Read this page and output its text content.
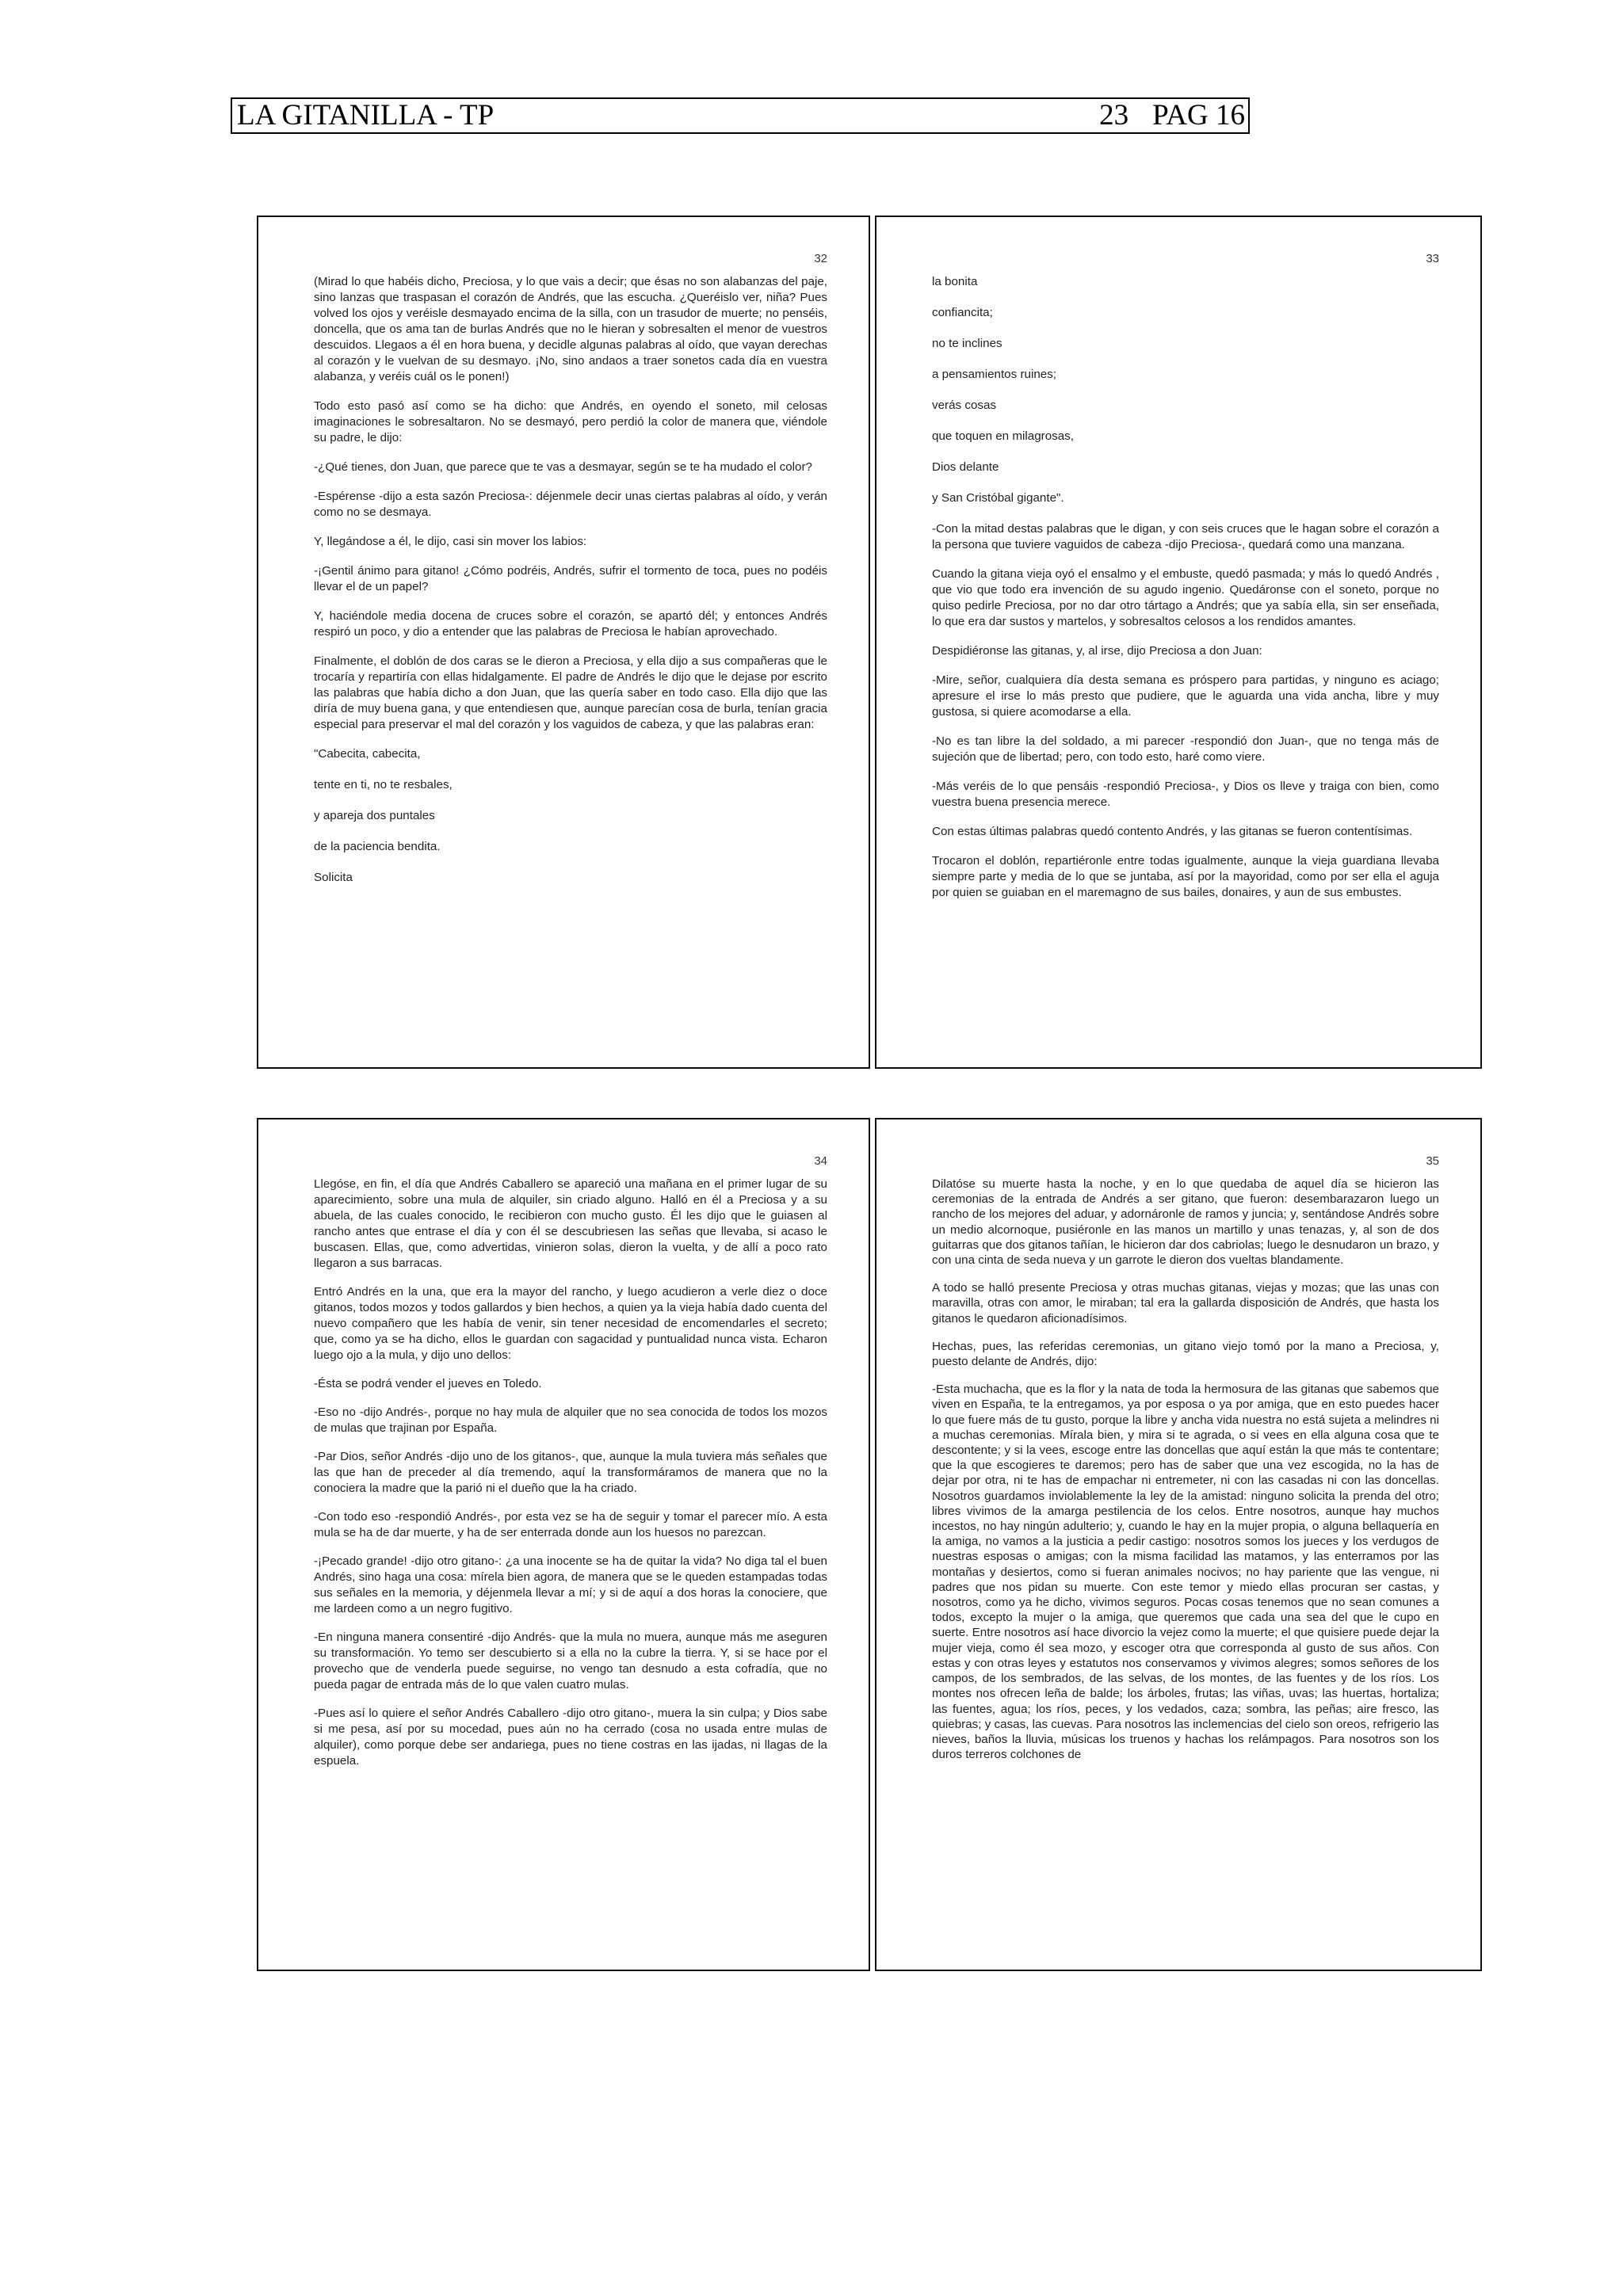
LA GITANILLA - TP	23 PAG 16
32

(Mirad lo que habéis dicho, Preciosa, y lo que vais a decir; que ésas no son alabanzas del paje, sino lanzas que traspasan el corazón de Andrés, que las escucha. ¿Queréislo ver, niña? Pues volved los ojos y veréisle desmayado encima de la silla, con un trasudor de muerte; no penséis, doncella, que os ama tan de burlas Andrés que no le hieran y sobresalten el menor de vuestros descuidos. Llegaos a él en hora buena, y decidle algunas palabras al oído, que vayan derechas al corazón y le vuelvan de su desmayo. ¡No, sino andaos a traer sonetos cada día en vuestra alabanza, y veréis cuál os le ponen!)

Todo esto pasó así como se ha dicho: que Andrés, en oyendo el soneto, mil celosas imaginaciones le sobresaltaron. No se desmayó, pero perdió la color de manera que, viéndole su padre, le dijo:

-¿Qué tienes, don Juan, que parece que te vas a desmayar, según se te ha mudado el color?

-Espérense -dijo a esta sazón Preciosa-: déjenmele decir unas ciertas palabras al oído, y verán como no se desmaya.

Y, llegándose a él, le dijo, casi sin mover los labios:

-¡Gentil ánimo para gitano! ¿Cómo podréis, Andrés, sufrir el tormento de toca, pues no podéis llevar el de un papel?

Y, haciéndole media docena de cruces sobre el corazón, se apartó dél; y entonces Andrés respiró un poco, y dio a entender que las palabras de Preciosa le habían aprovechado.

Finalmente, el doblón de dos caras se le dieron a Preciosa, y ella dijo a sus compañeras que le trocaría y repartiría con ellas hidalgamente. El padre de Andrés le dijo que le dejase por escrito las palabras que había dicho a don Juan, que las quería saber en todo caso. Ella dijo que las diría de muy buena gana, y que entendiesen que, aunque parecían cosa de burla, tenían gracia especial para preservar el mal del corazón y los vaguidos de cabeza, y que las palabras eran:

"Cabecita, cabecita,

tente en ti, no te resbales,

y apareja dos puntales

de la paciencia bendita.

Solicita

33

la bonita

confiancita;

no te inclines

a pensamientos ruines;

verás cosas

que toquen en milagrosas,

Dios delante

y San Cristóbal gigante".

-Con la mitad destas palabras que le digan, y con seis cruces que le hagan sobre el corazón a la persona que tuviere vaguidos de cabeza -dijo Preciosa-, quedará como una manzana.

Cuando la gitana vieja oyó el ensalmo y el embuste, quedó pasmada; y más lo quedó Andrés , que vio que todo era invención de su agudo ingenio. Quedáronse con el soneto, porque no quiso pedirle Preciosa, por no dar otro tártago a Andrés; que ya sabía ella, sin ser enseñada, lo que era dar sustos y martelos, y sobresaltos celosos a los rendidos amantes.

Despidiéronse las gitanas, y, al irse, dijo Preciosa a don Juan:

-Mire, señor, cualquiera día desta semana es próspero para partidas, y ninguno es aciago; apresure el irse lo más presto que pudiere, que le aguarda una vida ancha, libre y muy gustosa, si quiere acomodarse a ella.

-No es tan libre la del soldado, a mi parecer -respondió don Juan-, que no tenga más de sujeción que de libertad; pero, con todo esto, haré como viere.

-Más veréis de lo que pensáis -respondió Preciosa-, y Dios os lleve y traiga con bien, como vuestra buena presencia merece.

Con estas últimas palabras quedó contento Andrés, y las gitanas se fueron contentísimas.

Trocaron el doblón, repartiéronle entre todas igualmente, aunque la vieja guardiana llevaba siempre parte y media de lo que se juntaba, así por la mayoridad, como por ser ella el aguja por quien se guiaban en el maremagno de sus bailes, donaires, y aun de sus embustes.

34

Llegóse, en fin, el día que Andrés Caballero se apareció una mañana en el primer lugar de su aparecimiento, sobre una mula de alquiler, sin criado alguno. Halló en él a Preciosa y a su abuela, de las cuales conocido, le recibieron con mucho gusto. Él les dijo que le guiasen al rancho antes que entrase el día y con él se descubriesen las señas que llevaba, si acaso le buscasen. Ellas, que, como advertidas, vinieron solas, dieron la vuelta, y de allí a poco rato llegaron a sus barracas.

Entró Andrés en la una, que era la mayor del rancho, y luego acudieron a verle diez o doce gitanos, todos mozos y todos gallardos y bien hechos, a quien ya la vieja había dado cuenta del nuevo compañero que les había de venir, sin tener necesidad de encomendarles el secreto; que, como ya se ha dicho, ellos le guardan con sagacidad y puntualidad nunca vista. Echaron luego ojo a la mula, y dijo uno dellos:

-Ésta se podrá vender el jueves en Toledo.

-Eso no -dijo Andrés-, porque no hay mula de alquiler que no sea conocida de todos los mozos de mulas que trajinan por España.

-Par Dios, señor Andrés -dijo uno de los gitanos-, que, aunque la mula tuviera más señales que las que han de preceder al día tremendo, aquí la transformáramos de manera que no la conociera la madre que la parió ni el dueño que la ha criado.

-Con todo eso -respondió Andrés-, por esta vez se ha de seguir y tomar el parecer mío. A esta mula se ha de dar muerte, y ha de ser enterrada donde aun los huesos no parezcan.

-¡Pecado grande! -dijo otro gitano-: ¿a una inocente se ha de quitar la vida? No diga tal el buen Andrés, sino haga una cosa: mírela bien agora, de manera que se le queden estampadas todas sus señales en la memoria, y déjenmela llevar a mí; y si de aquí a dos horas la conociere, que me lardeen como a un negro fugitivo.

-En ninguna manera consentiré -dijo Andrés- que la mula no muera, aunque más me aseguren su transformación. Yo temo ser descubierto si a ella no la cubre la tierra. Y, si se hace por el provecho que de venderla puede seguirse, no vengo tan desnudo a esta cofradía, que no pueda pagar de entrada más de lo que valen cuatro mulas.

-Pues así lo quiere el señor Andrés Caballero -dijo otro gitano-, muera la sin culpa; y Dios sabe si me pesa, así por su mocedad, pues aún no ha cerrado (cosa no usada entre mulas de alquiler), como porque debe ser andariega, pues no tiene costras en las ijadas, ni llagas de la espuela.

35

Dilatóse su muerte hasta la noche, y en lo que quedaba de aquel día se hicieron las ceremonias de la entrada de Andrés a ser gitano, que fueron: desembarazaron luego un rancho de los mejores del aduar, y adornáronle de ramos y juncia; y, sentándose Andrés sobre un medio alcornoque, pusiéronle en las manos un martillo y unas tenazas, y, al son de dos guitarras que dos gitanos tañían, le hicieron dar dos cabriolas; luego le desnudaron un brazo, y con una cinta de seda nueva y un garrote le dieron dos vueltas blandamente.

A todo se halló presente Preciosa y otras muchas gitanas, viejas y mozas; que las unas con maravilla, otras con amor, le miraban; tal era la gallarda disposición de Andrés, que hasta los gitanos le quedaron aficionadísimos.

Hechas, pues, las referidas ceremonias, un gitano viejo tomó por la mano a Preciosa, y, puesto delante de Andrés, dijo:

-Esta muchacha, que es la flor y la nata de toda la hermosura de las gitanas que sabemos que viven en España, te la entregamos, ya por esposa o ya por amiga, que en esto puedes hacer lo que fuere más de tu gusto, porque la libre y ancha vida nuestra no está sujeta a melindres ni a muchas ceremonias. Mírala bien, y mira si te agrada, o si vees en ella alguna cosa que te descontente; y si la vees, escoge entre las doncellas que aquí están la que más te contentare; que la que escogieres te daremos; pero has de saber que una vez escogida, no la has de dejar por otra, ni te has de empachar ni entremeter, ni con las casadas ni con las doncellas. Nosotros guardamos inviolablemente la ley de la amistad: ninguno solicita la prenda del otro; libres vivimos de la amarga pestilencia de los celos. Entre nosotros, aunque hay muchos incestos, no hay ningún adulterio; y, cuando le hay en la mujer propia, o alguna bellaquería en la amiga, no vamos a la justicia a pedir castigo: nosotros somos los jueces y los verdugos de nuestras esposas o amigas; con la misma facilidad las matamos, y las enterramos por las montañas y desiertos, como si fueran animales nocivos; no hay pariente que las vengue, ni padres que nos pidan su muerte. Con este temor y miedo ellas procuran ser castas, y nosotros, como ya he dicho, vivimos seguros. Pocas cosas tenemos que no sean comunes a todos, excepto la mujer o la amiga, que queremos que cada una sea del que le cupo en suerte. Entre nosotros así hace divorcio la vejez como la muerte; el que quisiere puede dejar la mujer vieja, como él sea mozo, y escoger otra que corresponda al gusto de sus años. Con estas y con otras leyes y estatutos nos conservamos y vivimos alegres; somos señores de los campos, de los sembrados, de las selvas, de los montes, de las fuentes y de los ríos. Los montes nos ofrecen leña de balde; los árboles, frutas; las viñas, uvas; las huertas, hortaliza; las fuentes, agua; los ríos, peces, y los vedados, caza; sombra, las peñas; aire fresco, las quiebras; y casas, las cuevas. Para nosotros las inclemencias del cielo son oreos, refrigerio las nieves, baños la lluvia, músicas los truenos y hachas los relámpagos. Para nosotros son los duros terreros colchones de
